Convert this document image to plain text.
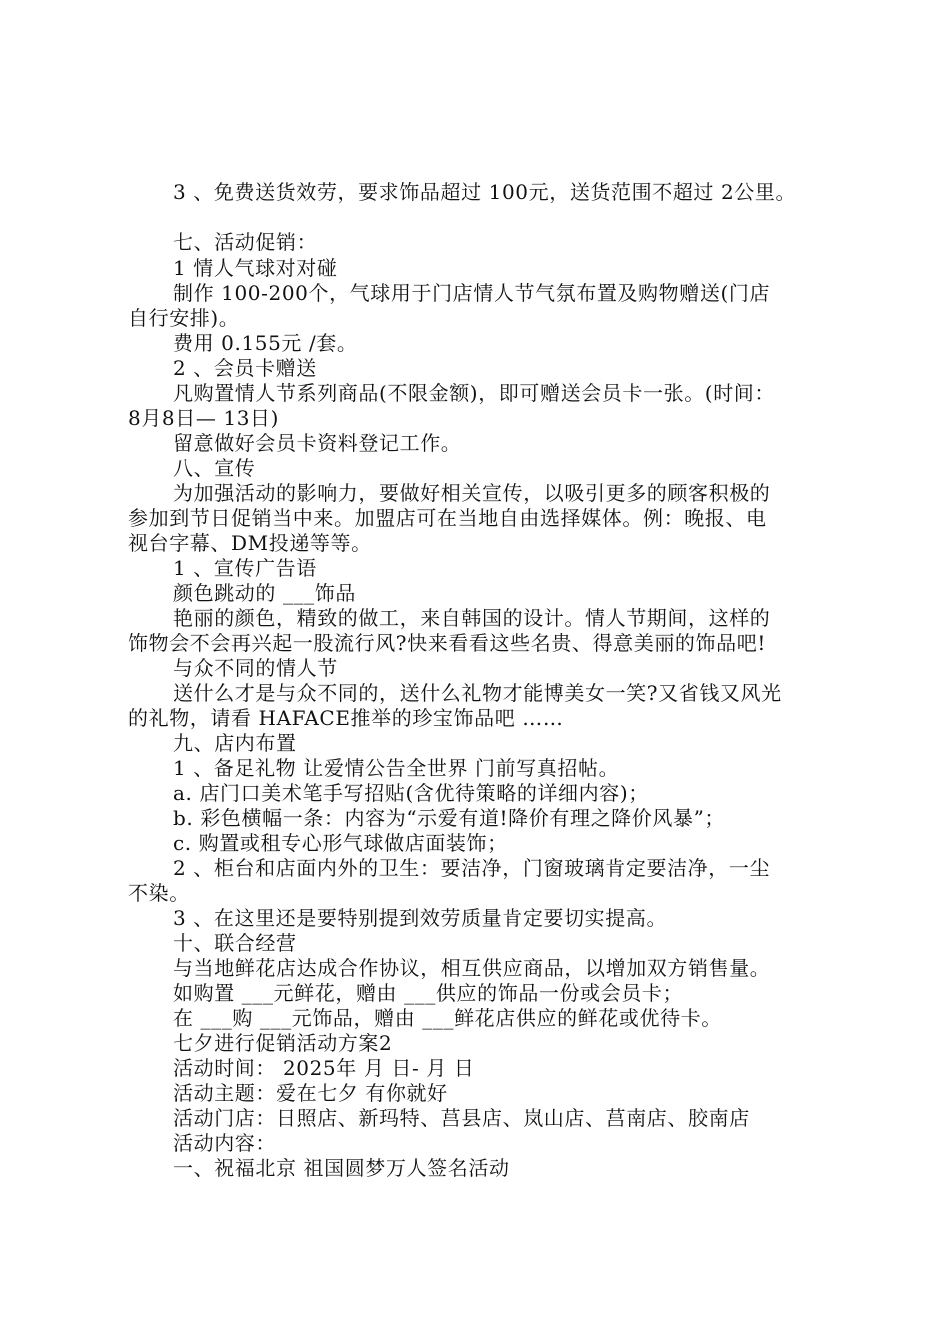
3 、免费送货效劳，要求饰品超过 100元，送货范围不超过 2公里。
七、活动促销：
1 情人气球对对碰
制作 100-200个，气球用于门店情人节气氛布置及购物赠送(门店
自行安排)。
费用 0.155元 /套。
2 、会员卡赠送
凡购置情人节系列商品(不限金额)，即可赠送会员卡一张。(时间：
8月8日— 13日)
留意做好会员卡资料登记工作。
八、宣传
为加强活动的影响力，要做好相关宣传，以吸引更多的顾客积极的
参加到节日促销当中来。加盟店可在当地自由选择媒体。例：晚报、电
视台字幕、DM投递等等。
1 、宣传广告语
颜色跳动的 ___饰品
艳丽的颜色，精致的做工，来自韩国的设计。情人节期间，这样的
饰物会不会再兴起一股流行风?快来看看这些名贵、得意美丽的饰品吧!
与众不同的情人节
送什么才是与众不同的，送什么礼物才能博美女一笑?又省钱又风光
的礼物，请看 HAFACE推举的珍宝饰品吧 ……
九、店内布置
1 、备足礼物 让爱情公告全世界 门前写真招帖。
a. 店门口美术笔手写招贴(含优待策略的详细内容)；
b. 彩色横幅一条：内容为“示爱有道!降价有理之降价风暴”；
c. 购置或租专心形气球做店面装饰；
2 、柜台和店面内外的卫生：要洁净，门窗玻璃肯定要洁净，一尘
不染。
3 、在这里还是要特别提到效劳质量肯定要切实提高。
十、联合经营
与当地鲜花店达成合作协议，相互供应商品，以增加双方销售量。
如购置 ___元鲜花，赠由 ___供应的饰品一份或会员卡；
在 ___购 ___元饰品，赠由 ___鲜花店供应的鲜花或优待卡。
七夕进行促销活动方案2
活动时间： 2025年 月 日- 月 日
活动主题：爱在七夕 有你就好
活动门店：日照店、新玛特、莒县店、岚山店、莒南店、胶南店
活动内容：
一、祝福北京 祖国圆梦万人签名活动
